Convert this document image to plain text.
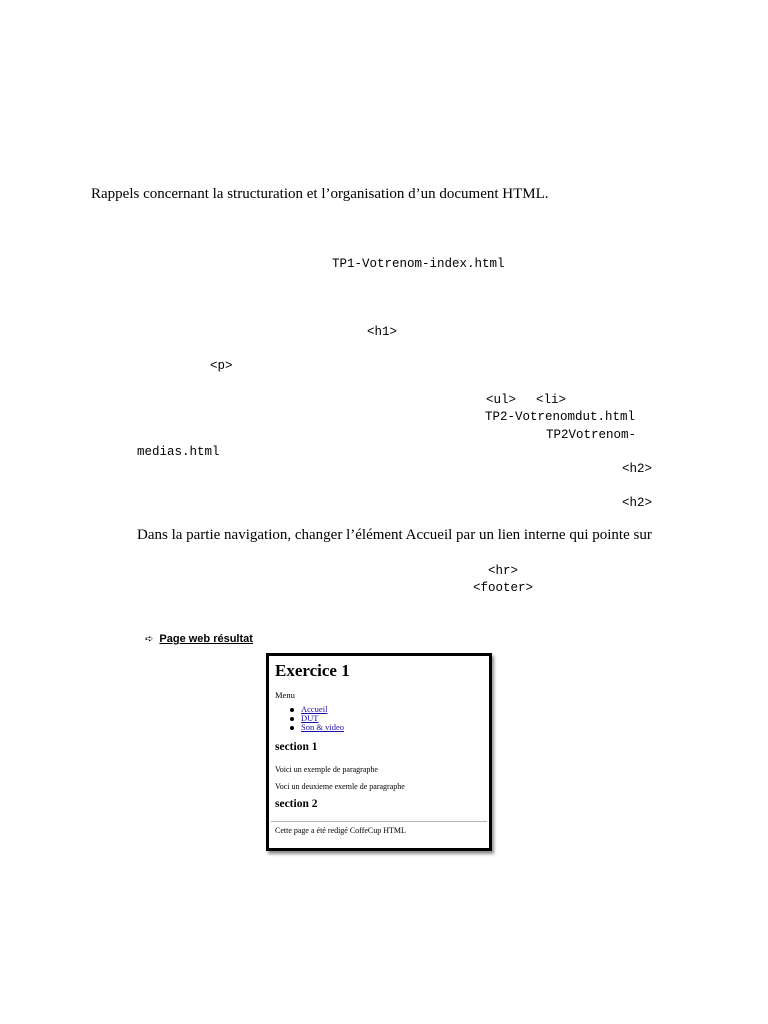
Rappels concernant la structuration et l’organisation d’un document HTML.
TP1-Votrenom-index.html
<h1>
<p>
<ul> <li>
TP2-Votrenomdut.html
TP2Votrenom-
medias.html
<h2>
<h2>
Dans la partie navigation, changer l’élément Accueil par un lien interne qui pointe sur
<hr>
<footer>
➪ Page web résultat
Exercice 1
Menu
Accueil
DUT
Son & video
section 1
Voici un exemple de paragraphe
Voci un deuxieme exemle de paragraphe
section 2
Cette page a été redigé CoffeCup HTML
